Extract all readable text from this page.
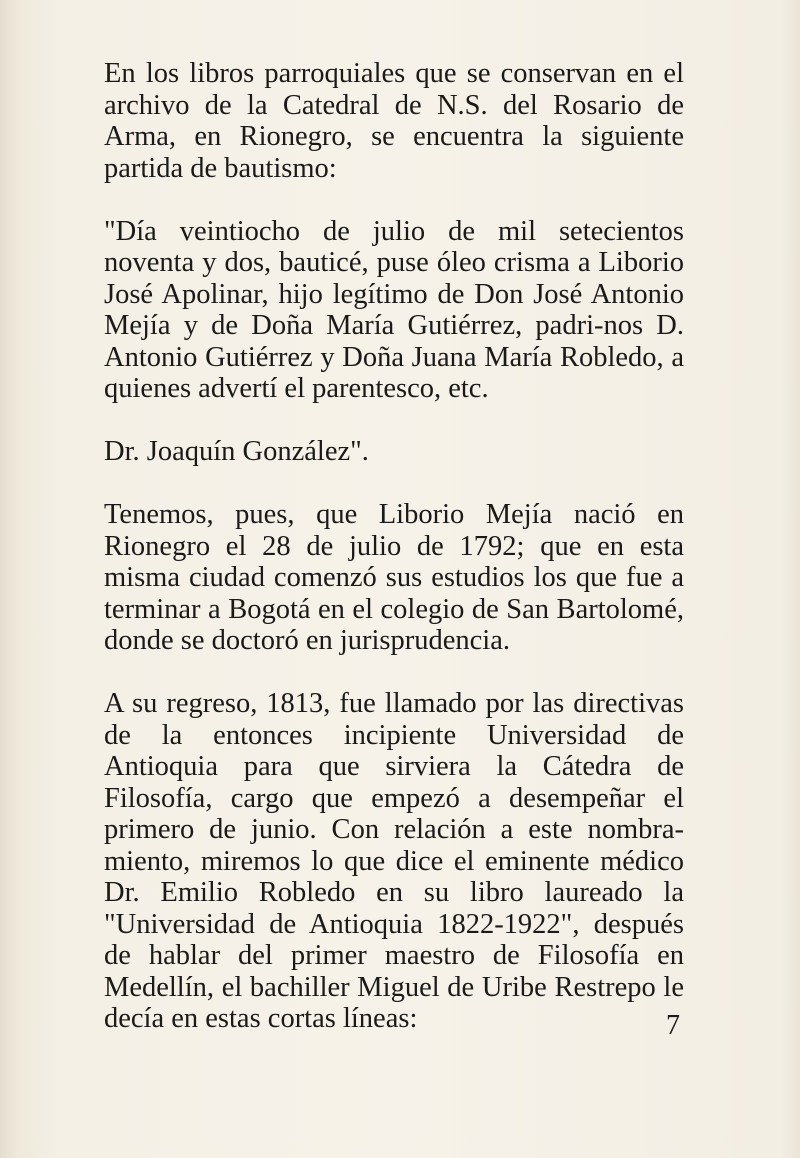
En los libros parroquiales que se conservan en el archivo de la Catedral de N.S. del Rosario de Arma, en Rionegro, se encuentra la siguiente partida de bautismo:

"Día veintiocho de julio de mil setecientos noventa y dos, bauticé, puse óleo crisma a Liborio José Apolinar, hijo legítimo de Don José Antonio Mejía y de Doña María Gutiérrez, padri-nos D. Antonio Gutiérrez y Doña Juana María Robledo, a quienes advertí el parentesco, etc.

Dr. Joaquín González".

Tenemos, pues, que Liborio Mejía nació en Rionegro el 28 de julio de 1792; que en esta misma ciudad comenzó sus estudios los que fue a terminar a Bogotá en el colegio de San Bartolomé, donde se doctoró en jurisprudencia.

A su regreso, 1813, fue llamado por las directivas de la entonces incipiente Universidad de Antioquia para que sirviera la Cátedra de Filosofía, cargo que empezó a desempeñar el primero de junio. Con relación a este nombra-miento, miremos lo que dice el eminente médico Dr. Emilio Robledo en su libro laureado la "Universidad de Antioquia 1822-1922", después de hablar del primer maestro de Filosofía en Medellín, el bachiller Miguel de Uribe Restrepo le decía en estas cortas líneas:	7
